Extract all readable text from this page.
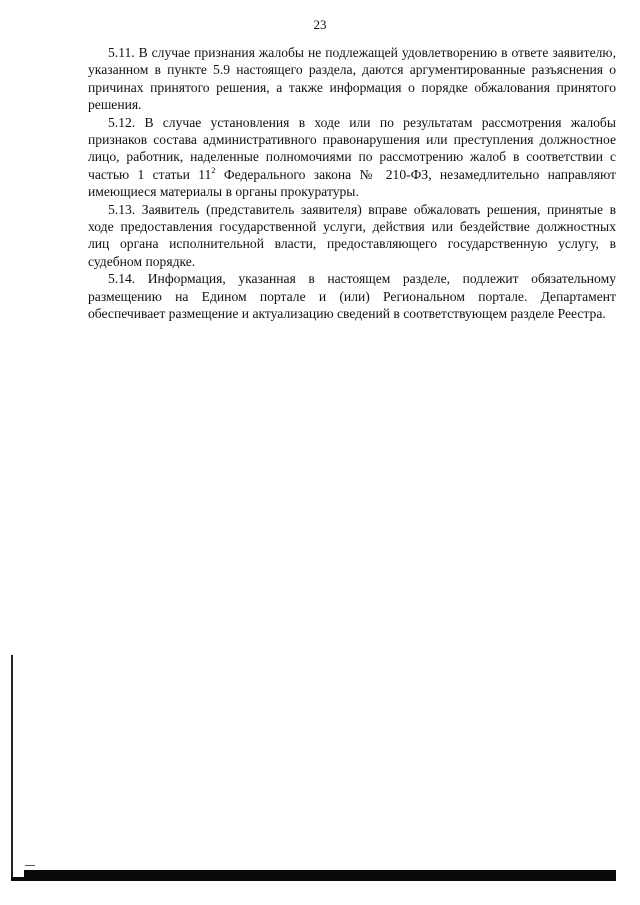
23

5.11. В случае признания жалобы не подлежащей удовлетворению в ответе заявителю, указанном в пункте 5.9 настоящего раздела, даются аргументированные разъяснения о причинах принятого решения, а также информация о порядке обжалования принятого решения.

5.12. В случае установления в ходе или по результатам рассмотрения жалобы признаков состава административного правонарушения или преступления должностное лицо, работник, наделенные полномочиями по рассмотрению жалоб в соответствии с частью 1 статьи $11^2$ Федерального закона № 210-ФЗ, незамедлительно направляют имеющиеся материалы в органы прокуратуры.

5.13. Заявитель (представитель заявителя) вправе обжаловать решения, принятые в ходе предоставления государственной услуги, действия или бездействие должностных лиц органа исполнительной власти, предоставляющего государственную услугу, в судебном порядке.

5.14. Информация, указанная в настоящем разделе, подлежит обязательному размещению на Едином портале и (или) Региональном портале. Департамент обеспечивает размещение и актуализацию сведений в соответствующем разделе Реестра.
